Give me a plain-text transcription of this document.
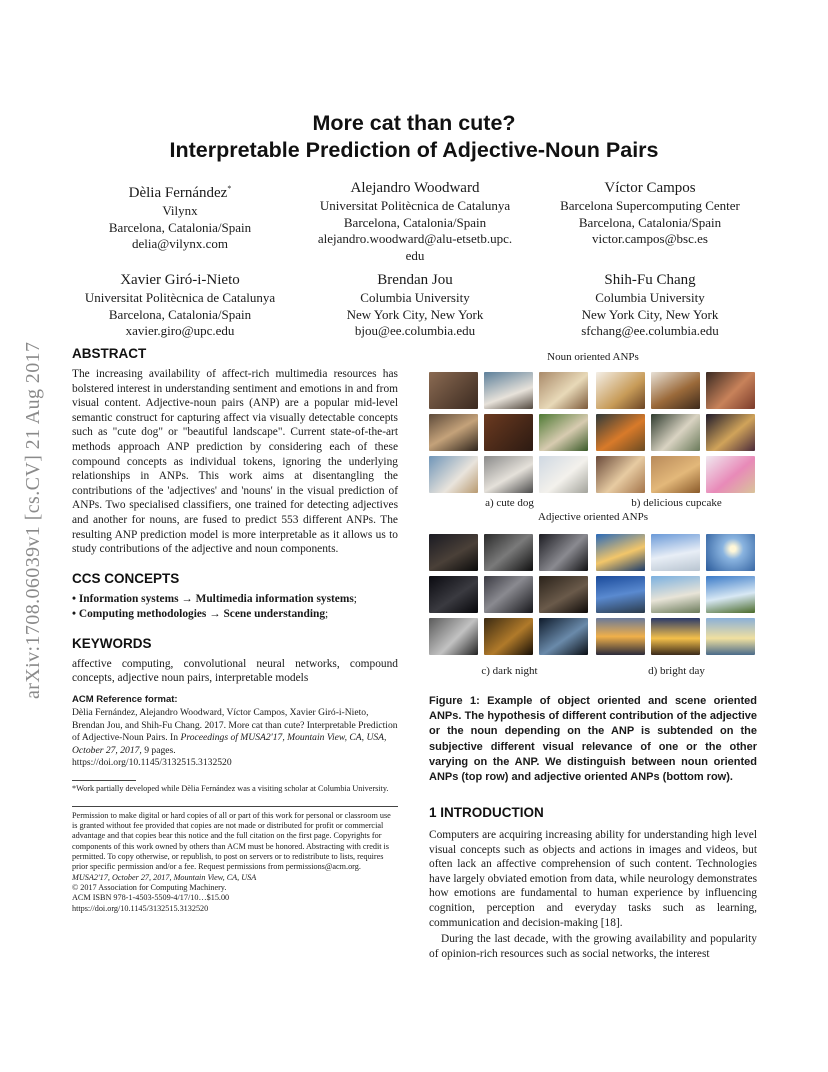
arXiv:1708.06039v1 [cs.CV] 21 Aug 2017
More cat than cute?
Interpretable Prediction of Adjective-Noun Pairs
Dèlia Fernández*
Vilynx
Barcelona, Catalonia/Spain
delia@vilynx.com
Alejandro Woodward
Universitat Politècnica de Catalunya
Barcelona, Catalonia/Spain
alejandro.woodward@alu-etsetb.upc.
edu
Víctor Campos
Barcelona Supercomputing Center
Barcelona, Catalonia/Spain
victor.campos@bsc.es
Xavier Giró-i-Nieto
Universitat Politècnica de Catalunya
Barcelona, Catalonia/Spain
xavier.giro@upc.edu
Brendan Jou
Columbia University
New York City, New York
bjou@ee.columbia.edu
Shih-Fu Chang
Columbia University
New York City, New York
sfchang@ee.columbia.edu
ABSTRACT
The increasing availability of affect-rich multimedia resources has bolstered interest in understanding sentiment and emotions in and from visual content. Adjective-noun pairs (ANP) are a popular mid-level semantic construct for capturing affect via visually detectable concepts such as "cute dog" or "beautiful landscape". Current state-of-the-art methods approach ANP prediction by considering each of these compound concepts as individual tokens, ignoring the underlying relationships in ANPs. This work aims at disentangling the contributions of the 'adjectives' and 'nouns' in the visual prediction of ANPs. Two specialised classifiers, one trained for detecting adjectives and another for nouns, are fused to predict 553 different ANPs. The resulting ANP prediction model is more interpretable as it allows us to study contributions of the adjective and noun components.
CCS CONCEPTS
• Information systems → Multimedia information systems;
• Computing methodologies → Scene understanding;
KEYWORDS
affective computing, convolutional neural networks, compound concepts, adjective noun pairs, interpretable models
ACM Reference format:
Dèlia Fernández, Alejandro Woodward, Víctor Campos, Xavier Giró-i-Nieto, Brendan Jou, and Shih-Fu Chang. 2017. More cat than cute? Interpretable Prediction of Adjective-Noun Pairs. In Proceedings of MUSA2'17, Mountain View, CA, USA, October 27, 2017, 9 pages.
https://doi.org/10.1145/3132515.3132520
*Work partially developed while Dèlia Fernández was a visiting scholar at Columbia University.
Permission to make digital or hard copies of all or part of this work for personal or classroom use is granted without fee provided that copies are not made or distributed for profit or commercial advantage and that copies bear this notice and the full citation on the first page. Copyrights for components of this work owned by others than ACM must be honored. Abstracting with credit is permitted. To copy otherwise, or republish, to post on servers or to redistribute to lists, requires prior specific permission and/or a fee. Request permissions from permissions@acm.org.
MUSA2'17, October 27, 2017, Mountain View, CA, USA
© 2017 Association for Computing Machinery.
ACM ISBN 978-1-4503-5509-4/17/10…$15.00
https://doi.org/10.1145/3132515.3132520
Noun oriented ANPs
a) cute dog	b) delicious cupcake
Adjective oriented ANPs
c) dark night	d) bright day
Figure 1: Example of object oriented and scene oriented ANPs. The hypothesis of different contribution of the adjective or the noun depending on the ANP is subtended on the subjective different visual relevance of one or the other varying on the ANP. We distinguish between noun oriented ANPs (top row) and adjective oriented ANPs (bottom row).
1 INTRODUCTION
Computers are acquiring increasing ability for understanding high level visual concepts such as objects and actions in images and videos, but often lack an affective comprehension of such content. Technologies have largely obviated emotion from data, while neurology demonstrates how emotions are fundamental to human experience by influencing cognition, perception and everyday tasks such as learning, communication and decision-making [18].
During the last decade, with the growing availability and popularity of opinion-rich resources such as social networks, the interest
